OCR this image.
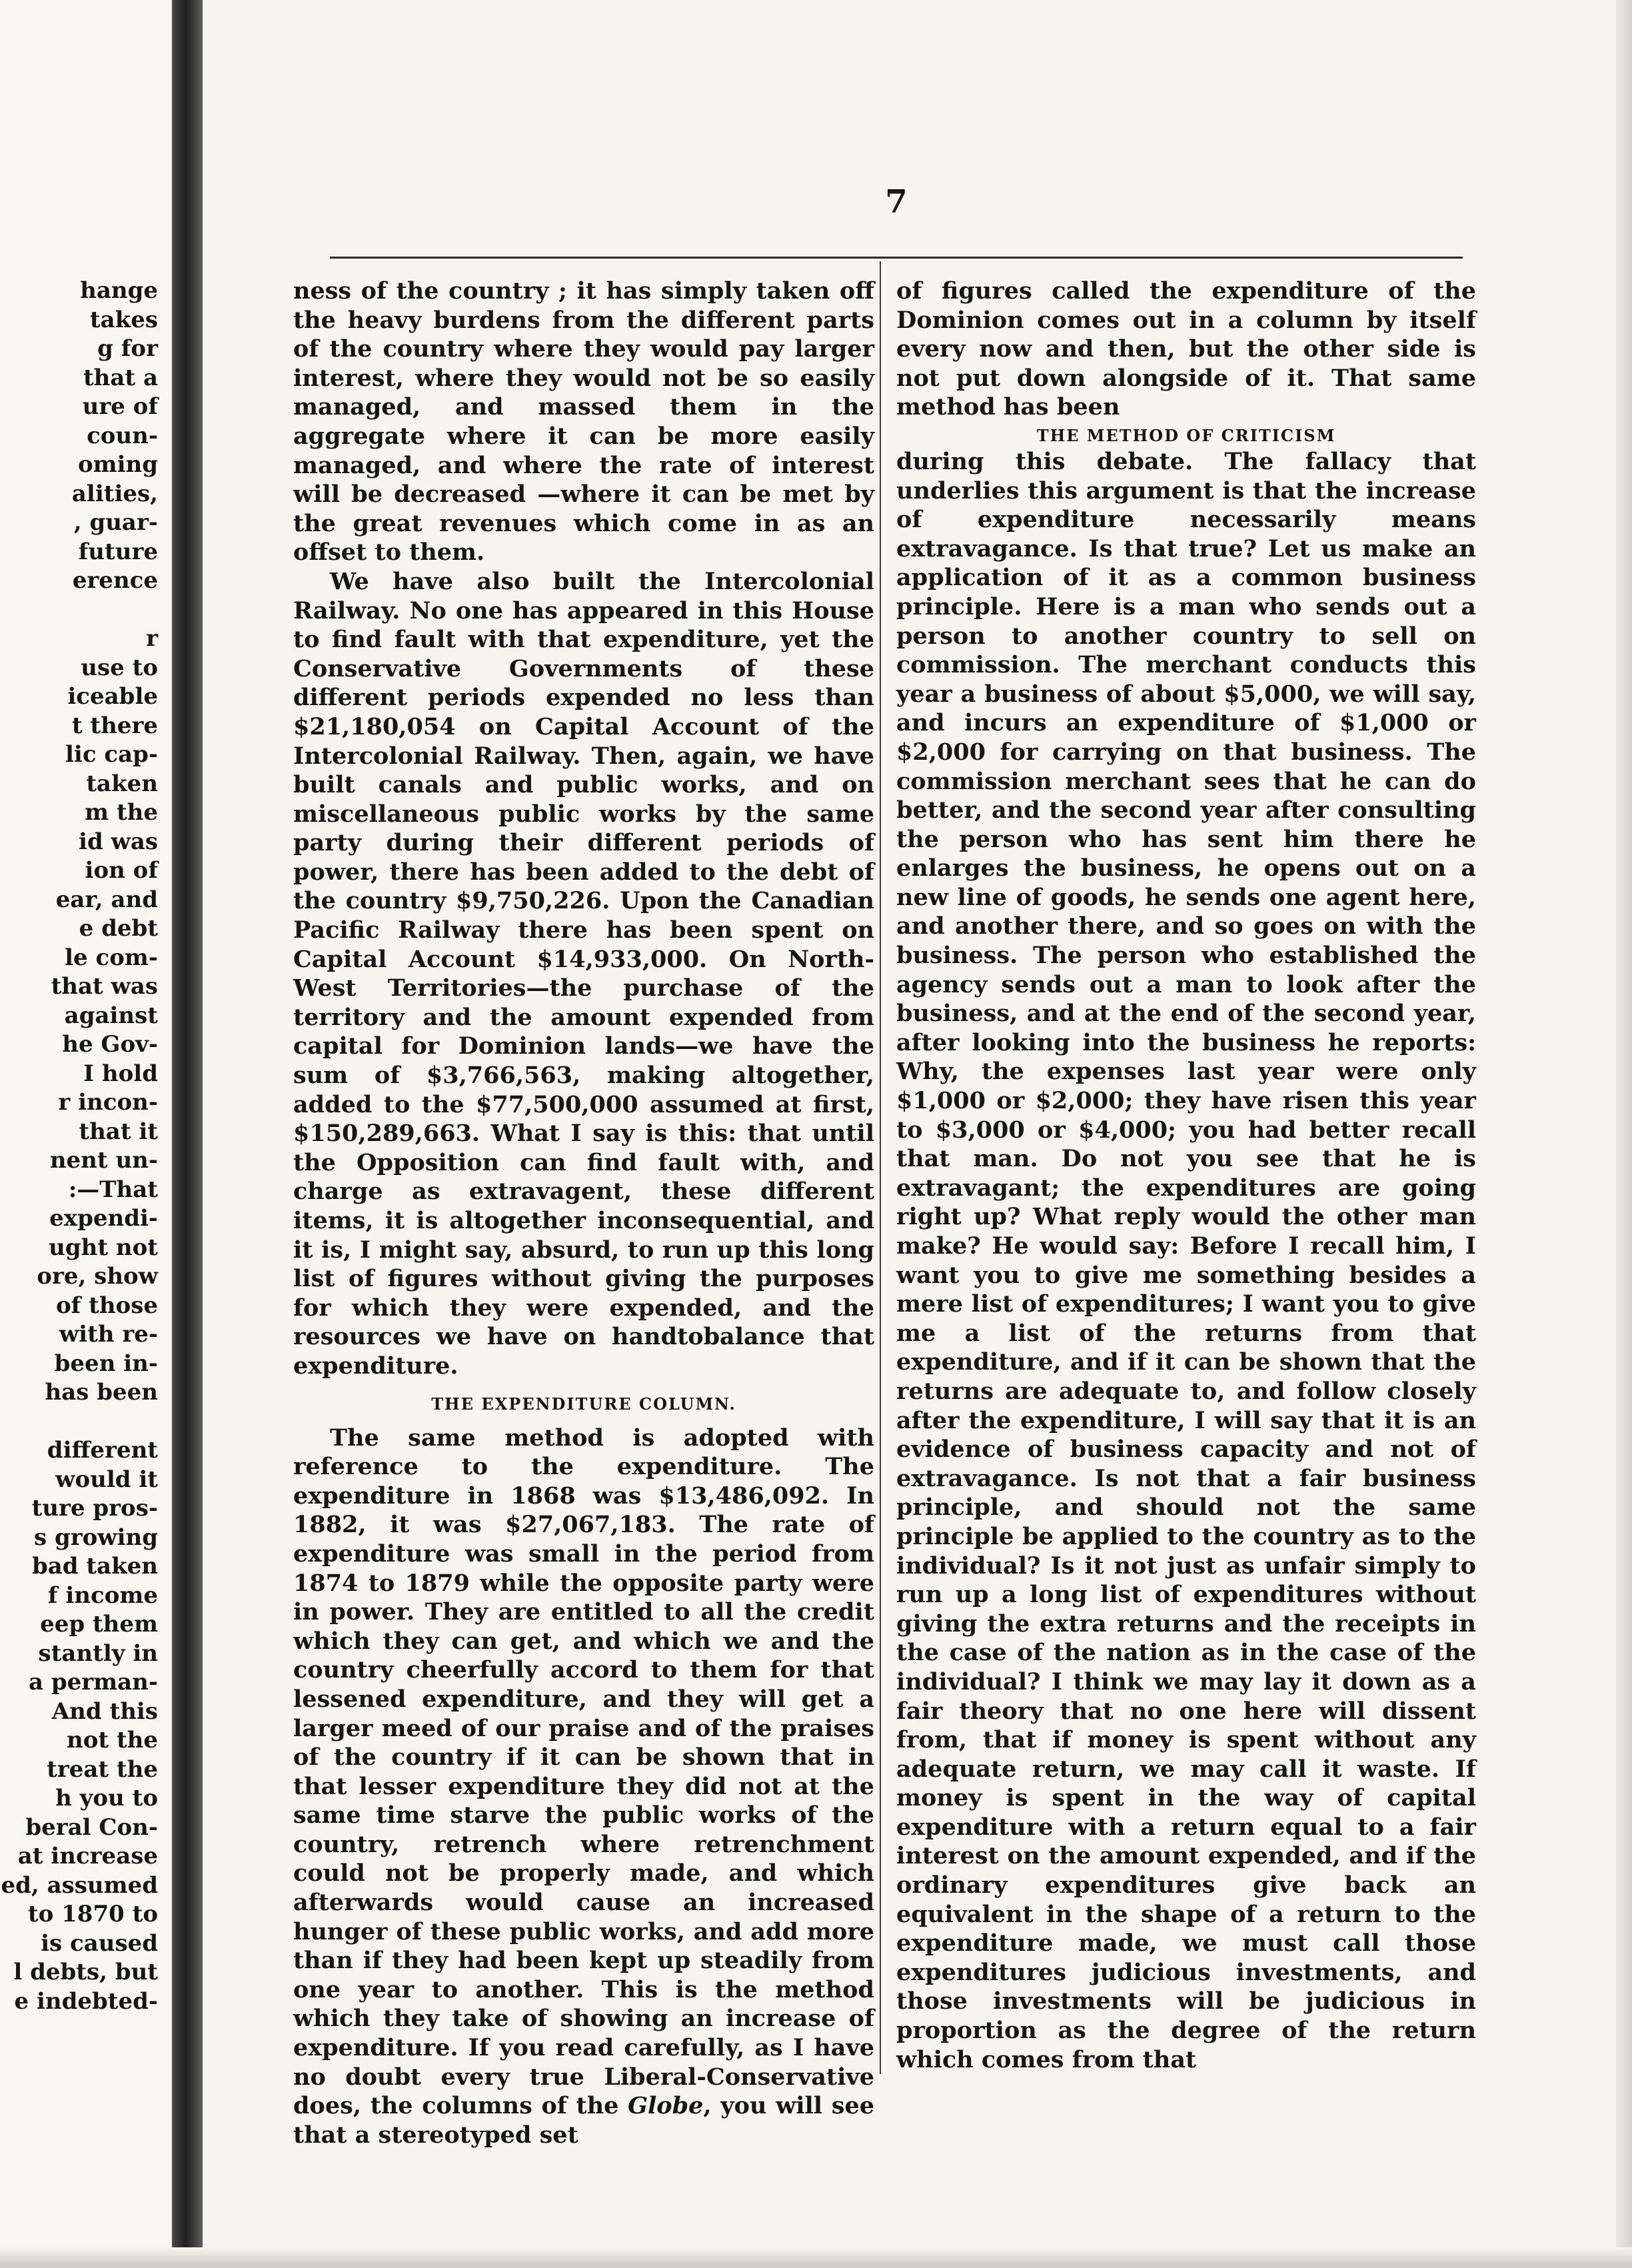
hange
takes
g for
that a
ure of
coun-
oming
alities,
, guar-
future
erence

r
use to
iceable
t there
lic cap-
taken
m the
id was
ion of
ear, and
e debt
le com-
that was
against
he Gov-
I hold
r incon-
that it
nent un-
:—That
expendi-
ught not
ore, show
of those
with re-
been in-
has been

different
would it
ture pros-
s growing
bad taken
f income
eep them
stantly in
a perman-
And this
not the
treat the
h you to
beral Con-
at increase
ed, assumed
to 1870 to
is caused
l debts, but
e indebted-
7

ness of the country ; it has simply taken off the heavy burdens from the different parts of the country where they would pay larger interest, where they would not be so easily managed, and massed them in the aggregate where it can be more easily managed, and where the rate of interest will be decreased —where it can be met by the great revenues which come in as an offset to them.

We have also built the Intercolonial Railway. No one has appeared in this House to find fault with that expenditure, yet the Conservative Governments of these different periods expended no less than $21,180,054 on Capital Account of the Intercolonial Railway. Then, again, we have built canals and public works, and on miscellaneous public works by the same party during their different periods of power, there has been added to the debt of the country $9,750,226. Upon the Canadian Pacific Railway there has been spent on Capital Account $14,933,000. On North-West Territories—the purchase of the territory and the amount expended from capital for Dominion lands—we have the sum of $3,766,563, making altogether, added to the $77,500,000 assumed at first, $150,289,663. What I say is this: that until the Opposition can find fault with, and charge as extravagent, these different items, it is altogether inconsequential, and it is, I might say, absurd, to run up this long list of figures without giving the purposes for which they were expended, and the resources we have on handtobalance that expenditure.

THE EXPENDITURE COLUMN.

The same method is adopted with reference to the expenditure. The expenditure in 1868 was $13,486,092. In 1882, it was $27,067,183. The rate of expenditure was small in the period from 1874 to 1879 while the opposite party were in power. They are entitled to all the credit which they can get, and which we and the country cheerfully accord to them for that lessened expenditure, and they will get a larger meed of our praise and of the praises of the country if it can be shown that in that lesser expenditure they did not at the same time starve the public works of the country, retrench where retrenchment could not be properly made, and which afterwards would cause an increased hunger of these public works, and add more than if they had been kept up steadily from one year to another. This is the method which they take of showing an increase of expenditure. If you read carefully, as I have no doubt every true Liberal-Conservative does, the columns of the Globe, you will see that a stereotyped set

of figures called the expenditure of the Dominion comes out in a column by itself every now and then, but the other side is not put down alongside of it. That same method has been

THE METHOD OF CRITICISM

during this debate. The fallacy that underlies this argument is that the increase of expenditure necessarily means extravagance. Is that true? Let us make an application of it as a common business principle. Here is a man who sends out a person to another country to sell on commission. The merchant conducts this year a business of about $5,000, we will say, and incurs an expenditure of $1,000 or $2,000 for carrying on that business. The commission merchant sees that he can do better, and the second year after consulting the person who has sent him there he enlarges the business, he opens out on a new line of goods, he sends one agent here, and another there, and so goes on with the business. The person who established the agency sends out a man to look after the business, and at the end of the second year, after looking into the business he reports: Why, the expenses last year were only $1,000 or $2,000; they have risen this year to $3,000 or $4,000; you had better recall that man. Do not you see that he is extravagant; the expenditures are going right up? What reply would the other man make? He would say: Before I recall him, I want you to give me something besides a mere list of expenditures; I want you to give me a list of the returns from that expenditure, and if it can be shown that the returns are adequate to, and follow closely after the expenditure, I will say that it is an evidence of business capacity and not of extravagance. Is not that a fair business principle, and should not the same principle be applied to the country as to the individual? Is it not just as unfair simply to run up a long list of expenditures without giving the extra returns and the receipts in the case of the nation as in the case of the individual? I think we may lay it down as a fair theory that no one here will dissent from, that if money is spent without any adequate return, we may call it waste. If money is spent in the way of capital expenditure with a return equal to a fair interest on the amount expended, and if the ordinary expenditures give back an equivalent in the shape of a return to the expenditure made, we must call those expenditures judicious investments, and those investments will be judicious in proportion as the degree of the return which comes from that
